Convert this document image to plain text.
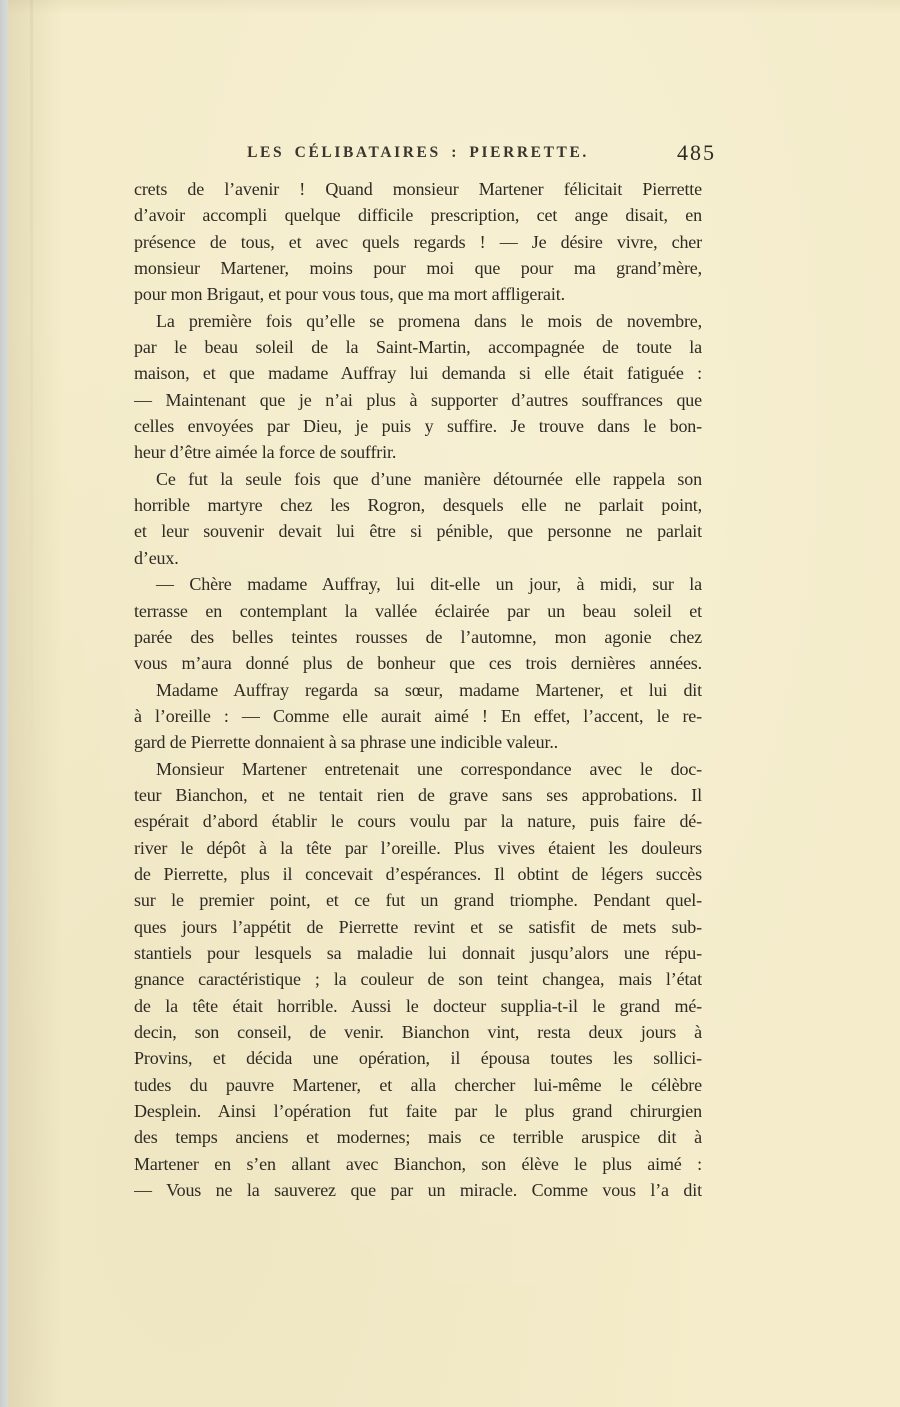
LES CÉLIBATAIRES : PIERRETTE.	485
crets de l’avenir ! Quand monsieur Martener félicitait Pierrette
d’avoir accompli quelque difficile prescription, cet ange disait, en
présence de tous, et avec quels regards ! — Je désire vivre, cher
monsieur Martener, moins pour moi que pour ma grand’mère,
pour mon Brigaut, et pour vous tous, que ma mort affligerait.
La première fois qu’elle se promena dans le mois de novembre,
par le beau soleil de la Saint-Martin, accompagnée de toute la
maison, et que madame Auffray lui demanda si elle était fatiguée :
— Maintenant que je n’ai plus à supporter d’autres souffrances que
celles envoyées par Dieu, je puis y suffire. Je trouve dans le bon-
heur d’être aimée la force de souffrir.
Ce fut la seule fois que d’une manière détournée elle rappela son
horrible martyre chez les Rogron, desquels elle ne parlait point,
et leur souvenir devait lui être si pénible, que personne ne parlait
d’eux.
— Chère madame Auffray, lui dit-elle un jour, à midi, sur la
terrasse en contemplant la vallée éclairée par un beau soleil et
parée des belles teintes rousses de l’automne, mon agonie chez
vous m’aura donné plus de bonheur que ces trois dernières années.
Madame Auffray regarda sa sœur, madame Martener, et lui dit
à l’oreille : — Comme elle aurait aimé ! En effet, l’accent, le re-
gard de Pierrette donnaient à sa phrase une indicible valeur..
Monsieur Martener entretenait une correspondance avec le doc-
teur Bianchon, et ne tentait rien de grave sans ses approbations. Il
espérait d’abord établir le cours voulu par la nature, puis faire dé-
river le dépôt à la tête par l’oreille. Plus vives étaient les douleurs
de Pierrette, plus il concevait d’espérances. Il obtint de légers succès
sur le premier point, et ce fut un grand triomphe. Pendant quel-
ques jours l’appétit de Pierrette revint et se satisfit de mets sub-
stantiels pour lesquels sa maladie lui donnait jusqu’alors une répu-
gnance caractéristique ; la couleur de son teint changea, mais l’état
de la tête était horrible. Aussi le docteur supplia-t-il le grand mé-
decin, son conseil, de venir. Bianchon vint, resta deux jours à
Provins, et décida une opération, il épousa toutes les sollici-
tudes du pauvre Martener, et alla chercher lui-même le célèbre
Desplein. Ainsi l’opération fut faite par le plus grand chirurgien
des temps anciens et modernes; mais ce terrible aruspice dit à
Martener en s’en allant avec Bianchon, son élève le plus aimé :
— Vous ne la sauverez que par un miracle. Comme vous l’a dit
